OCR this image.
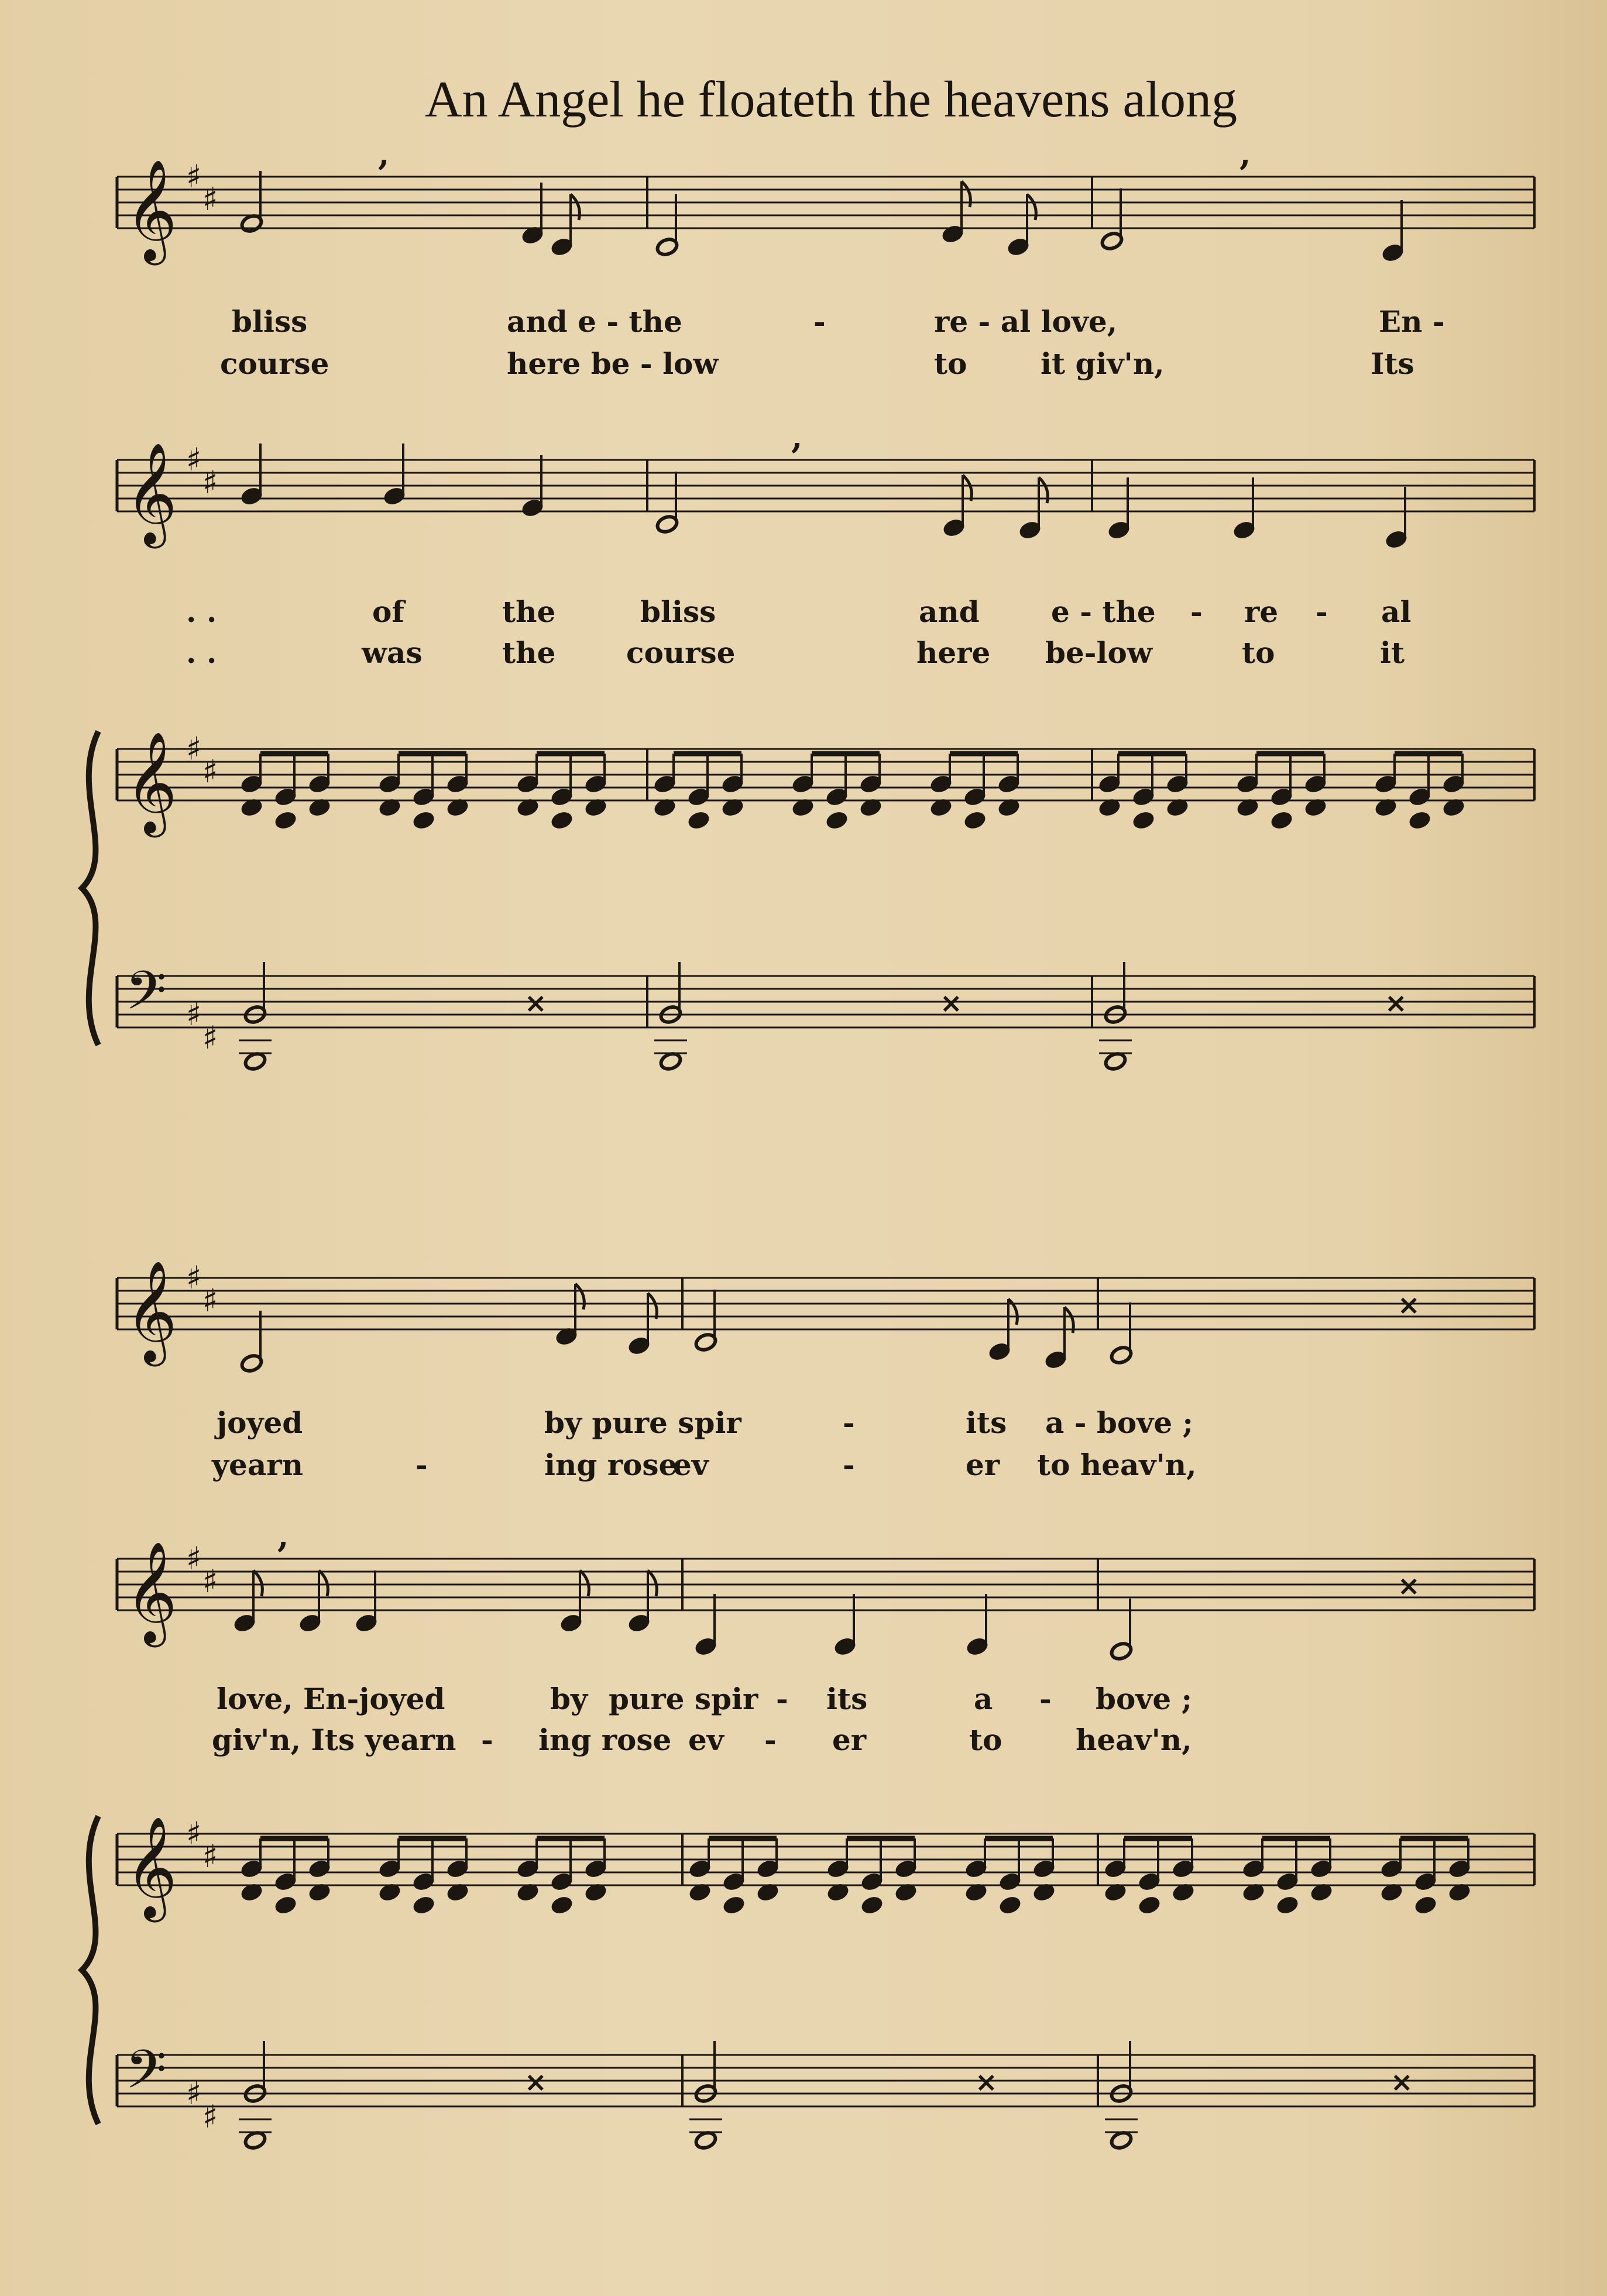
An Angel he floateth the heavens along
bliss	and e - the	-	re - al love,	En -
course	here be - low	to	it giv'n,	Its
. .	of	the	bliss	and e - the - re - al
. .	was	the course	here be-low	to	it
joyed	by pure spir	-	its a - bove ;
yearn	-	ing rose
ev	-	er to heav'n,
love, En-joyed	by pure spir - its	a - bove ;
giv'n, Its yearn - ing rose ev - er	to	heav'n,
𝄞 ♯
♯
𝄞 ♯
♯
𝄞 ♯
♯
𝄢 ♯
♯
,	,
,
×	×	×
𝄞 ♯
♯
𝄞 ♯
♯
𝄞 ♯
♯
𝄢 ♯
♯
,
×
×
×	×	×
